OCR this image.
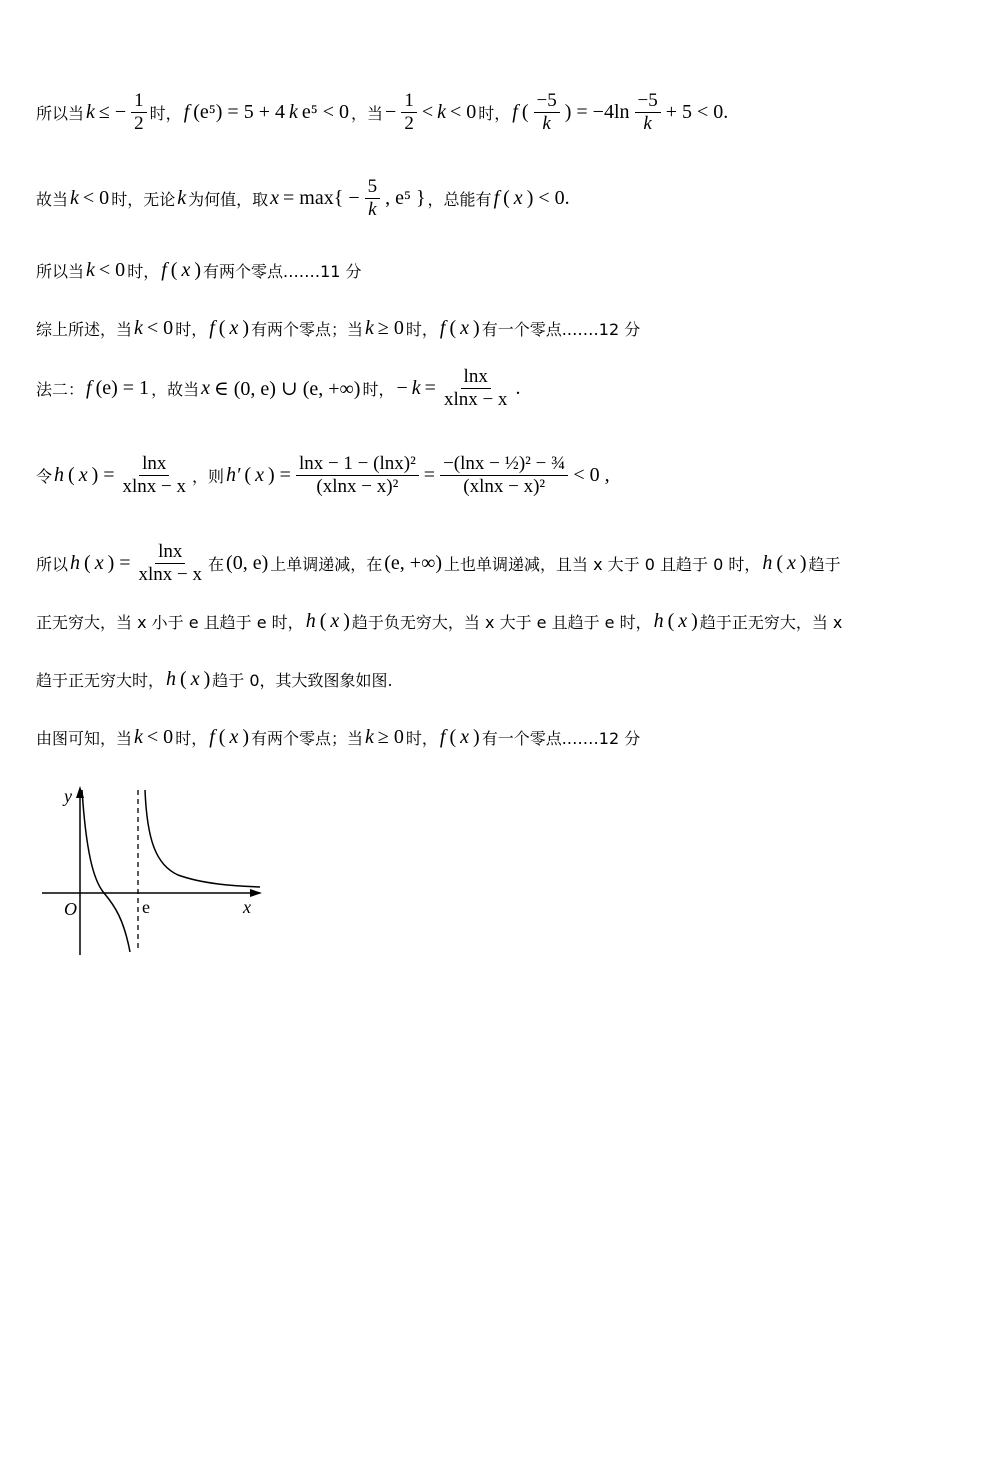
所以当 k ≤ − $\frac{1}{2}$ 时， f (e⁵) = 5 + 4 k e⁵ < 0 ，当 − $\frac{1}{2} < k < 0$ 时， f ( $\frac{-5}{k}$ ) = $-4\ln \frac{-5}{k} + 5 < 0$.
故当 k < 0 时，无论 k 为何值，取 $x = \max\{ - \frac{5}{k}$ , e⁵ } ，总能有 f ( x ) < 0.
所以当 k < 0 时， f ( x ) 有两个零点.……11 分
综上所述，当 k < 0 时， f ( x ) 有两个零点；当 k ≥ 0 时， f ( x ) 有一个零点.……12 分
法二： f (e) = 1 ，故当 x ∈ (0, e) ∪ (e, +∞) 时， − $k = \frac{\ln x}{xlnx - x}$ .
令 h ( x ) = $\frac{\ln x}{xlnx - x}$ ，则 h′ ( x ) = $\frac{\text{lnx − 1 − (lnx)²}}{\text{(xlnx − x)²}} = \frac{\text{−(lnx − ½)² − ¾}}{\text{(xlnx − x)²}} < 0$ ,
所以 h ( x ) = $\frac{\ln x}{xlnx - x}$ 在 (0, e) 上单调递减，在 (e, +∞) 上也单调递减，且当 x 大于 0 且趋于 0 时， h ( x ) 趋于
正无穷大，当 x 小于 e 且趋于 e 时， h ( x ) 趋于负无穷大，当 x 大于 e 且趋于 e 时， h ( x ) 趋于正无穷大，当 x
趋于正无穷大时， h ( x ) 趋于 0，其大致图象如图.
由图可知，当 k < 0 时， f ( x ) 有两个零点；当 k ≥ 0 时， f ( x ) 有一个零点.……12 分
y
O	e	x
